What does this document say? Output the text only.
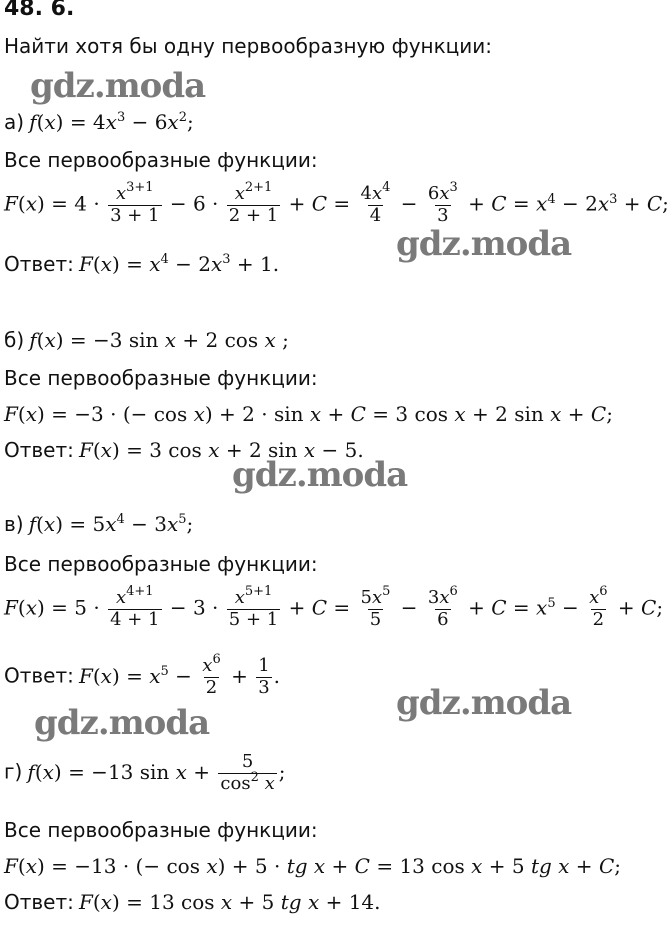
48. 6.
Найти хотя бы одну первообразную функции:
gdz.moda
gdz.moda
gdz.moda
gdz.moda
gdz.moda
а) $f(x) = 4x^3 - 6x^2$;
Все первообразные функции:
$F(x) = 4 \cdot \frac{x^{3+1}}{3 + 1} - 6 \cdot \frac{x^{2+1}}{2 + 1} + C = \frac{4x^4}{4} - \frac{6x^3}{3} + C = x^4 - 2x^3 + C$;
Ответ: $F(x) = x^4 - 2x^3 + 1$.
б) f(x) = −3 sin x + 2 cos x ;
Все первообразные функции:
F(x) = −3 · (− cos x) + 2 · sin x + C = 3 cos x + 2 sin x + C;
Ответ: F(x) = 3 cos x + 2 sin x − 5.
в) $f(x) = 5x^4 - 3x^5$;
Все первообразные функции:
$F(x) = 5 \cdot \frac{x^{4+1}}{4 + 1} - 3 \cdot \frac{x^{5+1}}{5 + 1} + C = \frac{5x^5}{5} - \frac{3x^6}{6} + C = x^5 - \frac{x^6}{2} + C$;
Ответ: $F(x) = x^5 - \frac{x^6}{2} + \frac{1}{3}$ .
г) f(x) = −13 $\sin x + \frac{5}{\cos^2 x}$ ;
Все первообразные функции:
F(x) = −13 · (− cos x) + 5 · tg x + C = 13 cos x + 5 tg x + C;
Ответ: F(x) = 13 cos x + 5 tg x + 14.
